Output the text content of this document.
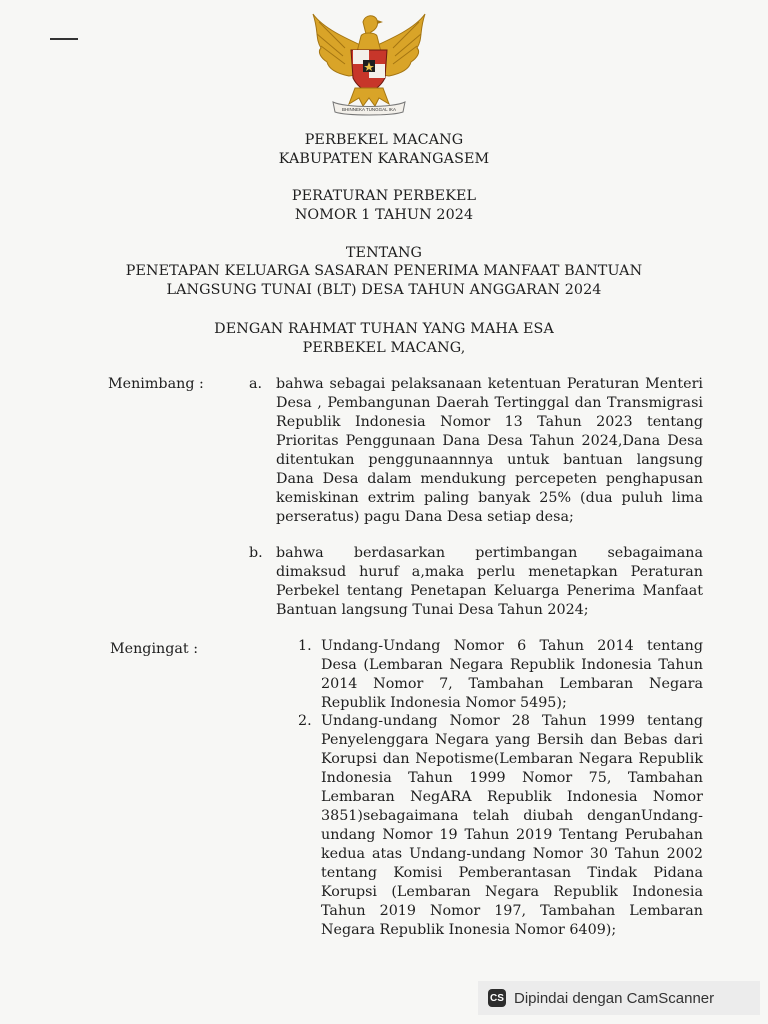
BHINNEKA TUNGGAL IKA
PERBEKEL MACANG
KABUPATEN KARANGASEM
PERATURAN PERBEKEL
NOMOR 1 TAHUN 2024
TENTANG
PENETAPAN KELUARGA SASARAN PENERIMA MANFAAT BANTUAN
LANGSUNG TUNAI (BLT) DESA TAHUN ANGGARAN 2024
DENGAN RAHMAT TUHAN YANG MAHA ESA
PERBEKEL MACANG,
Menimbang :	a. bahwa sebagai pelaksanaan ketentuan Peraturan Menteri
Desa , Pembangunan Daerah Tertinggal dan Transmigrasi
Republik Indonesia Nomor 13 Tahun 2023 tentang
Prioritas Penggunaan Dana Desa Tahun 2024,Dana Desa
ditentukan penggunaannnya untuk bantuan langsung
Dana Desa dalam mendukung percepeten penghapusan
kemiskinan extrim paling banyak 25% (dua puluh lima
perseratus) pagu Dana Desa setiap desa;
b. bahwa berdasarkan pertimbangan sebagaimana
dimaksud huruf a,maka perlu menetapkan Peraturan
Perbekel tentang Penetapan Keluarga Penerima Manfaat
Bantuan langsung Tunai Desa Tahun 2024;
Mengingat :	1. Undang-Undang Nomor 6 Tahun 2014 tentang
Desa (Lembaran Negara Republik Indonesia Tahun
2014 Nomor 7, Tambahan Lembaran Negara
Republik Indonesia Nomor 5495);
2. Undang-undang Nomor 28 Tahun 1999 tentang
Penyelenggara Negara yang Bersih dan Bebas dari
Korupsi dan Nepotisme(Lembaran Negara Republik
Indonesia Tahun 1999 Nomor 75, Tambahan
Lembaran NegARA Republik Indonesia Nomor
3851)sebagaimana telah diubah denganUndang-
undang Nomor 19 Tahun 2019 Tentang Perubahan
kedua atas Undang-undang Nomor 30 Tahun 2002
tentang Komisi Pemberantasan Tindak Pidana
Korupsi (Lembaran Negara Republik Indonesia
Tahun 2019 Nomor 197, Tambahan Lembaran
Negara Republik Inonesia Nomor 6409);
CS Dipindai dengan CamScanner
